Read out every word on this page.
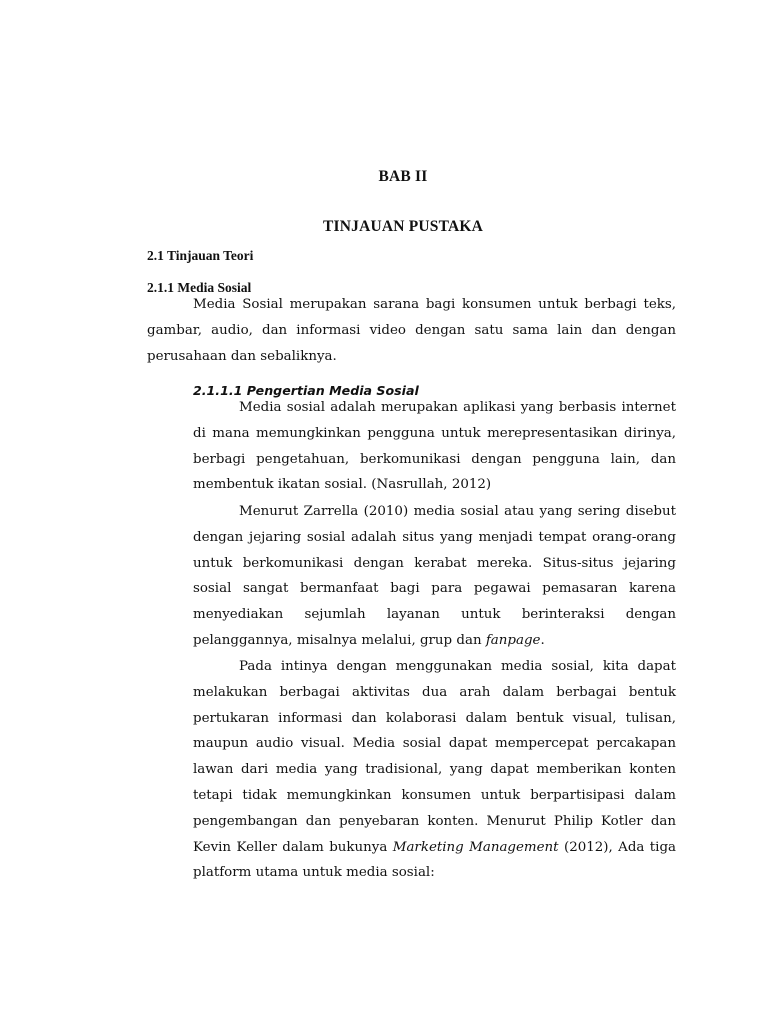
BAB II
TINJAUAN PUSTAKA
2.1 Tinjauan Teori
2.1.1 Media Sosial

Media Sosial merupakan sarana bagi konsumen untuk berbagi teks, gambar, audio, dan informasi video dengan satu sama lain dan dengan perusahaan dan sebaliknya.

2.1.1.1 Pengertian Media Sosial

Media sosial adalah merupakan aplikasi yang berbasis internet di mana memungkinkan pengguna untuk merepresentasikan dirinya, berbagi pengetahuan, berkomunikasi dengan pengguna lain, dan membentuk ikatan sosial. (Nasrullah, 2012)

Menurut Zarrella (2010) media sosial atau yang sering disebut dengan jejaring sosial adalah situs yang menjadi tempat orang-orang untuk berkomunikasi dengan kerabat mereka. Situs-situs jejaring sosial sangat bermanfaat bagi para pegawai pemasaran karena menyediakan sejumlah layanan untuk berinteraksi dengan pelanggannya, misalnya melalui, grup dan fanpage.

Pada intinya dengan menggunakan media sosial, kita dapat melakukan berbagai aktivitas dua arah dalam berbagai bentuk pertukaran informasi dan kolaborasi dalam bentuk visual, tulisan, maupun audio visual. Media sosial dapat mempercepat percakapan lawan dari media yang tradisional, yang dapat memberikan konten tetapi tidak memungkinkan konsumen untuk berpartisipasi dalam pengembangan dan penyebaran konten. Menurut Philip Kotler dan Kevin Keller dalam bukunya Marketing Management (2012), Ada tiga platform utama untuk media sosial:
